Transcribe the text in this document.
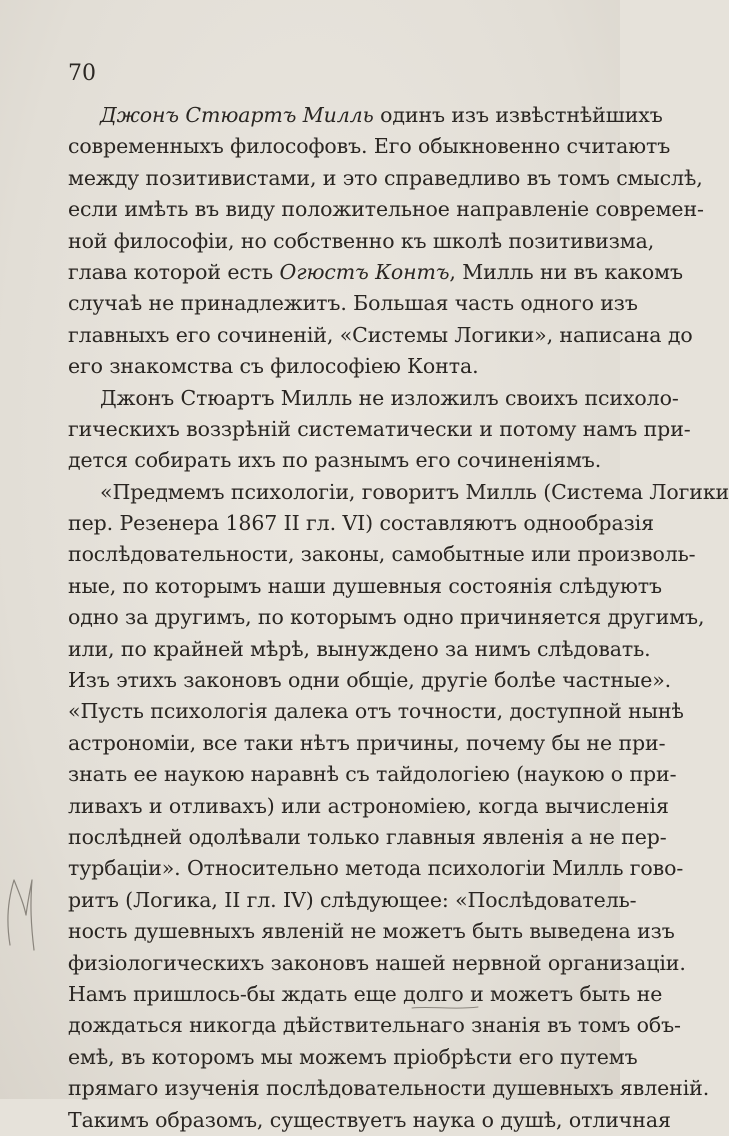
70
Джонъ Стюартъ Милль одинъ изъ извѣстнѣйшихъ
современныхъ философовъ. Его обыкновенно считаютъ
между позитивистами, и это справедливо въ томъ смыслѣ,
если имѣть въ виду положительное направленіе современ-
ной философіи, но собственно къ школѣ позитивизма,
глава которой есть Огюстъ Контъ, Милль ни въ какомъ
случаѣ не принадлежитъ. Большая часть одного изъ
главныхъ его сочиненій, «Системы Логики», написана до
его знакомства съ философіею Конта.
Джонъ Стюартъ Милль не изложилъ своихъ психоло-
гическихъ воззрѣній систематически и потому намъ при-
дется собирать ихъ по разнымъ его сочиненіямъ.
«Предмемъ психологіи, говоритъ Милль (Система Логики
пер. Резенера 1867 II гл. VI) составляютъ однообразія
послѣдовательности, законы, самобытные или произволь-
ные, по которымъ наши душевныя состоянія слѣдуютъ
одно за другимъ, по которымъ одно причиняется другимъ,
или, по крайней мѣрѣ, вынуждено за нимъ слѣдовать.
Изъ этихъ законовъ одни общіе, другіе болѣе частные».
«Пусть психологія далека отъ точности, доступной нынѣ
астрономіи, все таки нѣтъ причины, почему бы не при-
знать ее наукою наравнѣ съ тайдологіею (наукою о при-
ливахъ и отливахъ) или астрономіею, когда вычисленія
послѣдней одолѣвали только главныя явленія а не пер-
турбаціи». Относительно метода психологіи Милль гово-
ритъ (Логика, II гл. IV) слѣдующее: «Послѣдователь-
ность душевныхъ явленій не можетъ быть выведена изъ
физіологическихъ законовъ нашей нервной организаціи.
Намъ пришлось-бы ждать еще долго и можетъ быть не
дождаться никогда дѣйствительнаго знанія въ томъ объ-
емѣ, въ которомъ мы можемъ пріобрѣсти его путемъ
прямаго изученія послѣдовательности душевныхъ явленій.
Такимъ образомъ, существуетъ наука о душѣ, отличная
